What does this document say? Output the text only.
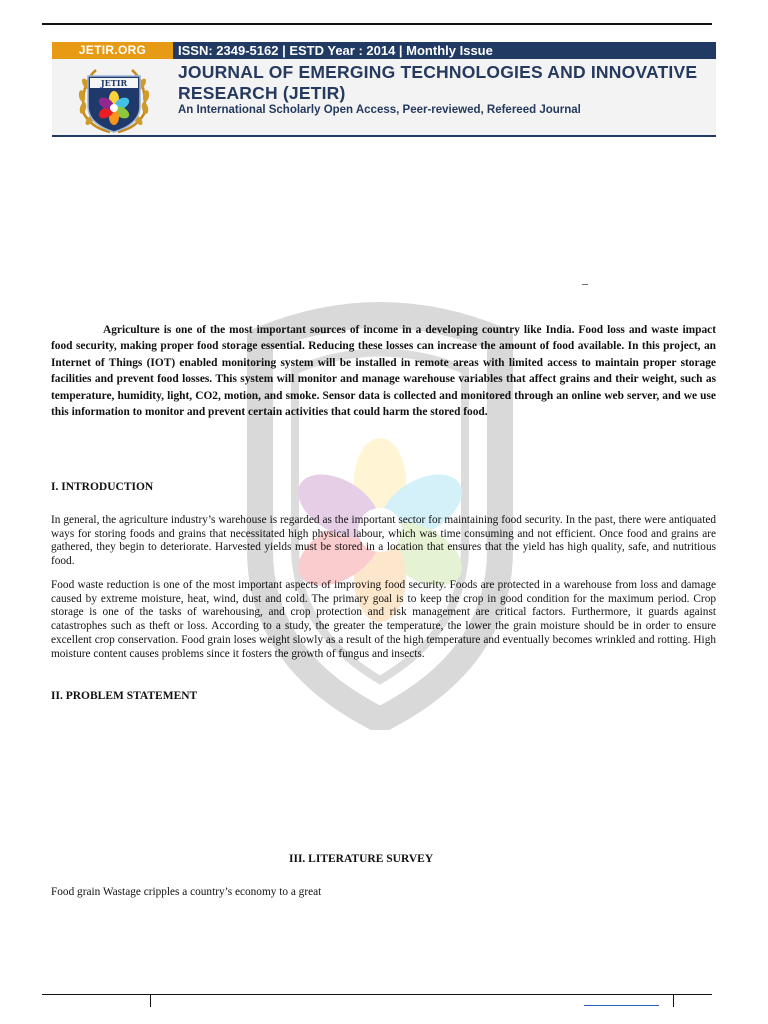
JETIR.ORG	ISSN: 2349-5162 | ESTD Year : 2014 | Monthly Issue
JETIR
JOURNAL OF EMERGING TECHNOLOGIES AND INNOVATIVE RESEARCH (JETIR)
An International Scholarly Open Access, Peer-reviewed, Refereed Journal
–
Agriculture is one of the most important sources of income in a developing country like India. Food loss and waste impact food security, making proper food storage essential. Reducing these losses can increase the amount of food available. In this project, an Internet of Things (IOT) enabled monitoring system will be installed in remote areas with limited access to maintain proper storage facilities and prevent food losses. This system will monitor and manage warehouse variables that affect grains and their weight, such as temperature, humidity, light, CO2, motion, and smoke. Sensor data is collected and monitored through an online web server, and we use this information to monitor and prevent certain activities that could harm the stored food.
I. INTRODUCTION
In general, the agriculture industry’s warehouse is regarded as the important sector for maintaining food security. In the past, there were antiquated ways for storing foods and grains that necessitated high physical labour, which was time consuming and not efficient. Once food and grains are gathered, they begin to deteriorate. Harvested yields must be stored in a location that ensures that the yield has high quality, safe, and nutritious food.
Food waste reduction is one of the most important aspects of improving food security. Foods are protected in a warehouse from loss and damage caused by extreme moisture, heat, wind, dust and cold. The primary goal is to keep the crop in good condition for the maximum period. Crop storage is one of the tasks of warehousing, and crop protection and risk management are critical factors. Furthermore, it guards against catastrophes such as theft or loss. According to a study, the greater the temperature, the lower the grain moisture should be in order to ensure excellent crop conservation. Food grain loses weight slowly as a result of the high temperature and eventually becomes wrinkled and rotting. High moisture content causes problems since it fosters the growth of fungus and insects.
II. PROBLEM STATEMENT
III. LITERATURE SURVEY
Food grain Wastage cripples a country’s economy to a great
